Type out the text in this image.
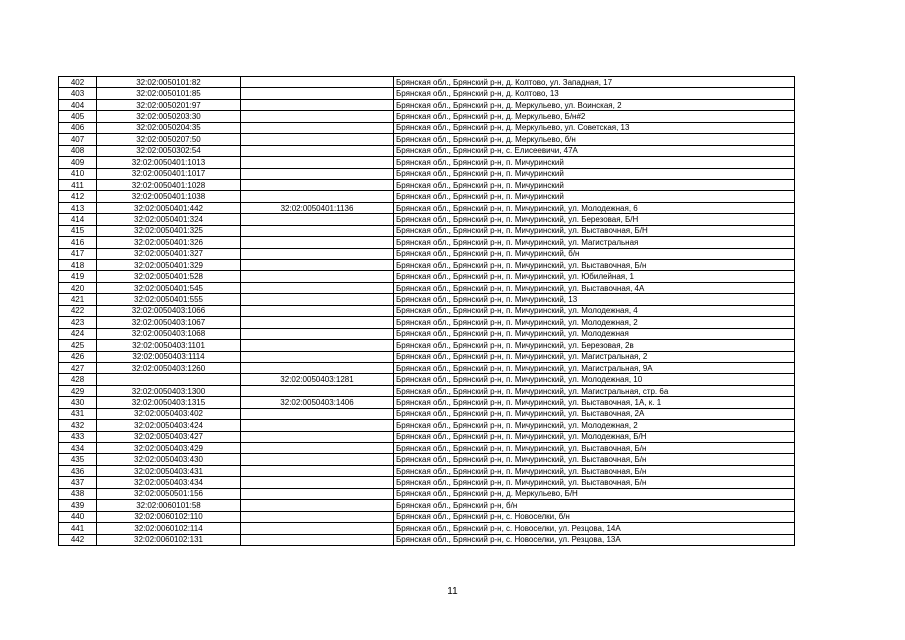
402	32:02:0050101:82		Брянская обл., Брянский р-н, д. Колтово, ул. Западная, 17
403	32:02:0050101:85		Брянская обл., Брянский р-н, д. Колтово, 13
404	32:02:0050201:97		Брянская обл., Брянский р-н, д. Меркульево, ул. Воинская, 2
405	32:02:0050203:30		Брянская обл., Брянский р-н, д. Меркульево, Б/н#2
406	32:02:0050204:35		Брянская обл., Брянский р-н, д. Меркульево, ул. Советская, 13
407	32:02:0050207:50		Брянская обл., Брянский р-н, д. Меркульево, б/н
408	32:02:0050302:54		Брянская обл., Брянский р-н, с. Елисеевичи, 47А
409	32:02:0050401:1013		Брянская обл., Брянский р-н, п. Мичуринский
410	32:02:0050401:1017		Брянская обл., Брянский р-н, п. Мичуринский
411	32:02:0050401:1028		Брянская обл., Брянский р-н, п. Мичуринский
412	32:02:0050401:1038		Брянская обл., Брянский р-н, п. Мичуринский
413	32:02:0050401:442	32:02:0050401:1136	Брянская обл., Брянский р-н, п. Мичуринский, ул. Молодежная, 6
414	32:02:0050401:324		Брянская обл., Брянский р-н, п. Мичуринский, ул. Березовая, Б/Н
415	32:02:0050401:325		Брянская обл., Брянский р-н, п. Мичуринский, ул. Выставочная, Б/Н
416	32:02:0050401:326		Брянская обл., Брянский р-н, п. Мичуринский, ул. Магистральная
417	32:02:0050401:327		Брянская обл., Брянский р-н, п. Мичуринский, б/н
418	32:02:0050401:329		Брянская обл., Брянский р-н, п. Мичуринский, ул. Выставочная, Б/н
419	32:02:0050401:528		Брянская обл., Брянский р-н, п. Мичуринский, ул. Юбилейная, 1
420	32:02:0050401:545		Брянская обл., Брянский р-н, п. Мичуринский, ул. Выставочная, 4А
421	32:02:0050401:555		Брянская обл., Брянский р-н, п. Мичуринский, 13
422	32:02:0050403:1066		Брянская обл., Брянский р-н, п. Мичуринский, ул. Молодежная, 4
423	32:02:0050403:1067		Брянская обл., Брянский р-н, п. Мичуринский, ул. Молодежная, 2
424	32:02:0050403:1068		Брянская обл., Брянский р-н, п. Мичуринский, ул. Молодежная
425	32:02:0050403:1101		Брянская обл., Брянский р-н, п. Мичуринский, ул. Березовая, 2в
426	32:02:0050403:1114		Брянская обл., Брянский р-н, п. Мичуринский, ул. Магистральная, 2
427	32:02:0050403:1260		Брянская обл., Брянский р-н, п. Мичуринский, ул. Магистральная, 9А
428		32:02:0050403:1281	Брянская обл., Брянский р-н, п. Мичуринский, ул. Молодежная, 10
429	32:02:0050403:1300		Брянская обл., Брянский р-н, п. Мичуринский, ул. Магистральная, стр. 6а
430	32:02:0050403:1315	32:02:0050403:1406	Брянская обл., Брянский р-н, п. Мичуринский, ул. Выставочная, 1А, к. 1
431	32:02:0050403:402		Брянская обл., Брянский р-н, п. Мичуринский, ул. Выставочная, 2А
432	32:02:0050403:424		Брянская обл., Брянский р-н, п. Мичуринский, ул. Молодежная, 2
433	32:02:0050403:427		Брянская обл., Брянский р-н, п. Мичуринский, ул. Молодежная, Б/Н
434	32:02:0050403:429		Брянская обл., Брянский р-н, п. Мичуринский, ул. Выставочная, Б/н
435	32:02:0050403:430		Брянская обл., Брянский р-н, п. Мичуринский, ул. Выставочная, Б/н
436	32:02:0050403:431		Брянская обл., Брянский р-н, п. Мичуринский, ул. Выставочная, Б/н
437	32:02:0050403:434		Брянская обл., Брянский р-н, п. Мичуринский, ул. Выставочная, Б/н
438	32:02:0050501:156		Брянская обл., Брянский р-н, д. Меркульево, Б/Н
439	32:02:0060101:58		Брянская обл., Брянский р-н, б/н
440	32:02:0060102:110		Брянская обл., Брянский р-н, с. Новоселки, б/н
441	32:02:0060102:114		Брянская обл., Брянский р-н, с. Новоселки, ул. Резцова, 14А
442	32:02:0060102:131		Брянская обл., Брянский р-н, с. Новоселки, ул. Резцова, 13А
11
